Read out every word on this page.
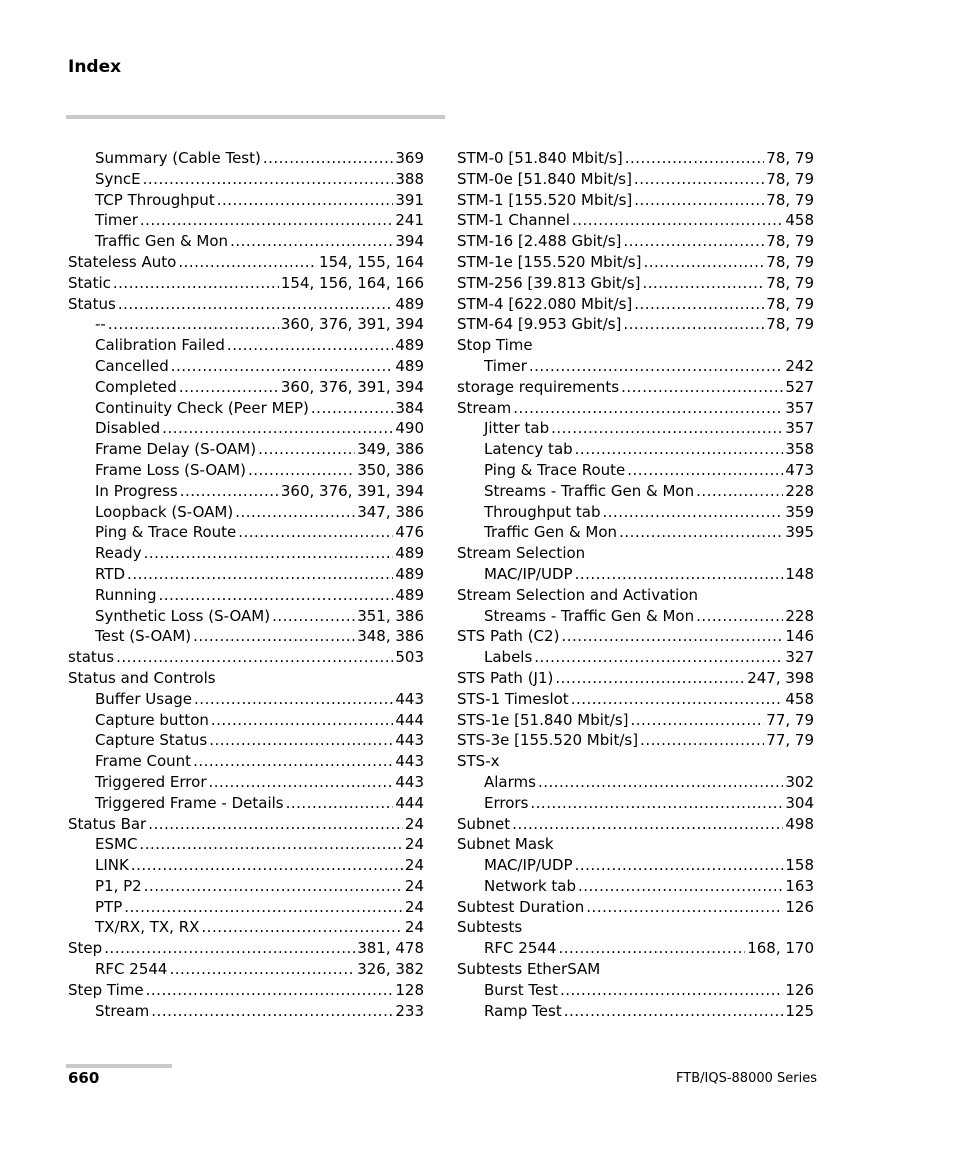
Index
Summary (Cable Test) .....	369
SyncE .....	388
TCP Throughput .....	391
Timer .....	241
Traffic Gen & Mon .....	394
Stateless Auto .....	154, 155, 164
Static .....	154, 156, 164, 166
Status .....	489
-- .....	360, 376, 391, 394
Calibration Failed .....	489
Cancelled .....	489
Completed .....	360, 376, 391, 394
Continuity Check (Peer MEP) .....	384
Disabled .....	490
Frame Delay (S-OAM) .....	349, 386
Frame Loss (S-OAM) .....	350, 386
In Progress .....	360, 376, 391, 394
Loopback (S-OAM) .....	347, 386
Ping & Trace Route .....	476
Ready .....	489
RTD .....	489
Running .....	489
Synthetic Loss (S-OAM) .....	351, 386
Test (S-OAM) .....	348, 386
status .....	503
Status and Controls
Buffer Usage .....	443
Capture button .....	444
Capture Status .....	443
Frame Count .....	443
Triggered Error .....	443
Triggered Frame - Details .....	444
Status Bar .....	24
ESMC .....	24
LINK .....	24
P1, P2 .....	24
PTP .....	24
TX/RX, TX, RX .....	24
Step .....	381, 478
RFC 2544 .....	326, 382
Step Time .....	128
Stream .....	233
STM-0 [51.840 Mbit/s] .....	78, 79
STM-0e [51.840 Mbit/s] .....	78, 79
STM-1 [155.520 Mbit/s] .....	78, 79
STM-1 Channel .....	458
STM-16 [2.488 Gbit/s] .....	78, 79
STM-1e [155.520 Mbit/s] .....	78, 79
STM-256 [39.813 Gbit/s] .....	78, 79
STM-4 [622.080 Mbit/s] .....	78, 79
STM-64 [9.953 Gbit/s] .....	78, 79
Stop Time
Timer .....	242
storage requirements .....	527
Stream .....	357
Jitter tab .....	357
Latency tab .....	358
Ping & Trace Route .....	473
Streams - Traffic Gen & Mon .....	228
Throughput tab .....	359
Traffic Gen & Mon .....	395
Stream Selection
MAC/IP/UDP .....	148
Stream Selection and Activation
Streams - Traffic Gen & Mon .....	228
STS Path (C2) .....	146
Labels .....	327
STS Path (J1) .....	247, 398
STS-1 Timeslot .....	458
STS-1e [51.840 Mbit/s] .....	77, 79
STS-3e [155.520 Mbit/s] .....	77, 79
STS-x
Alarms .....	302
Errors .....	304
Subnet .....	498
Subnet Mask
MAC/IP/UDP .....	158
Network tab .....	163
Subtest Duration .....	126
Subtests
RFC 2544 .....	168, 170
Subtests EtherSAM
Burst Test .....	126
Ramp Test .....	125
660	FTB/IQS-88000 Series
